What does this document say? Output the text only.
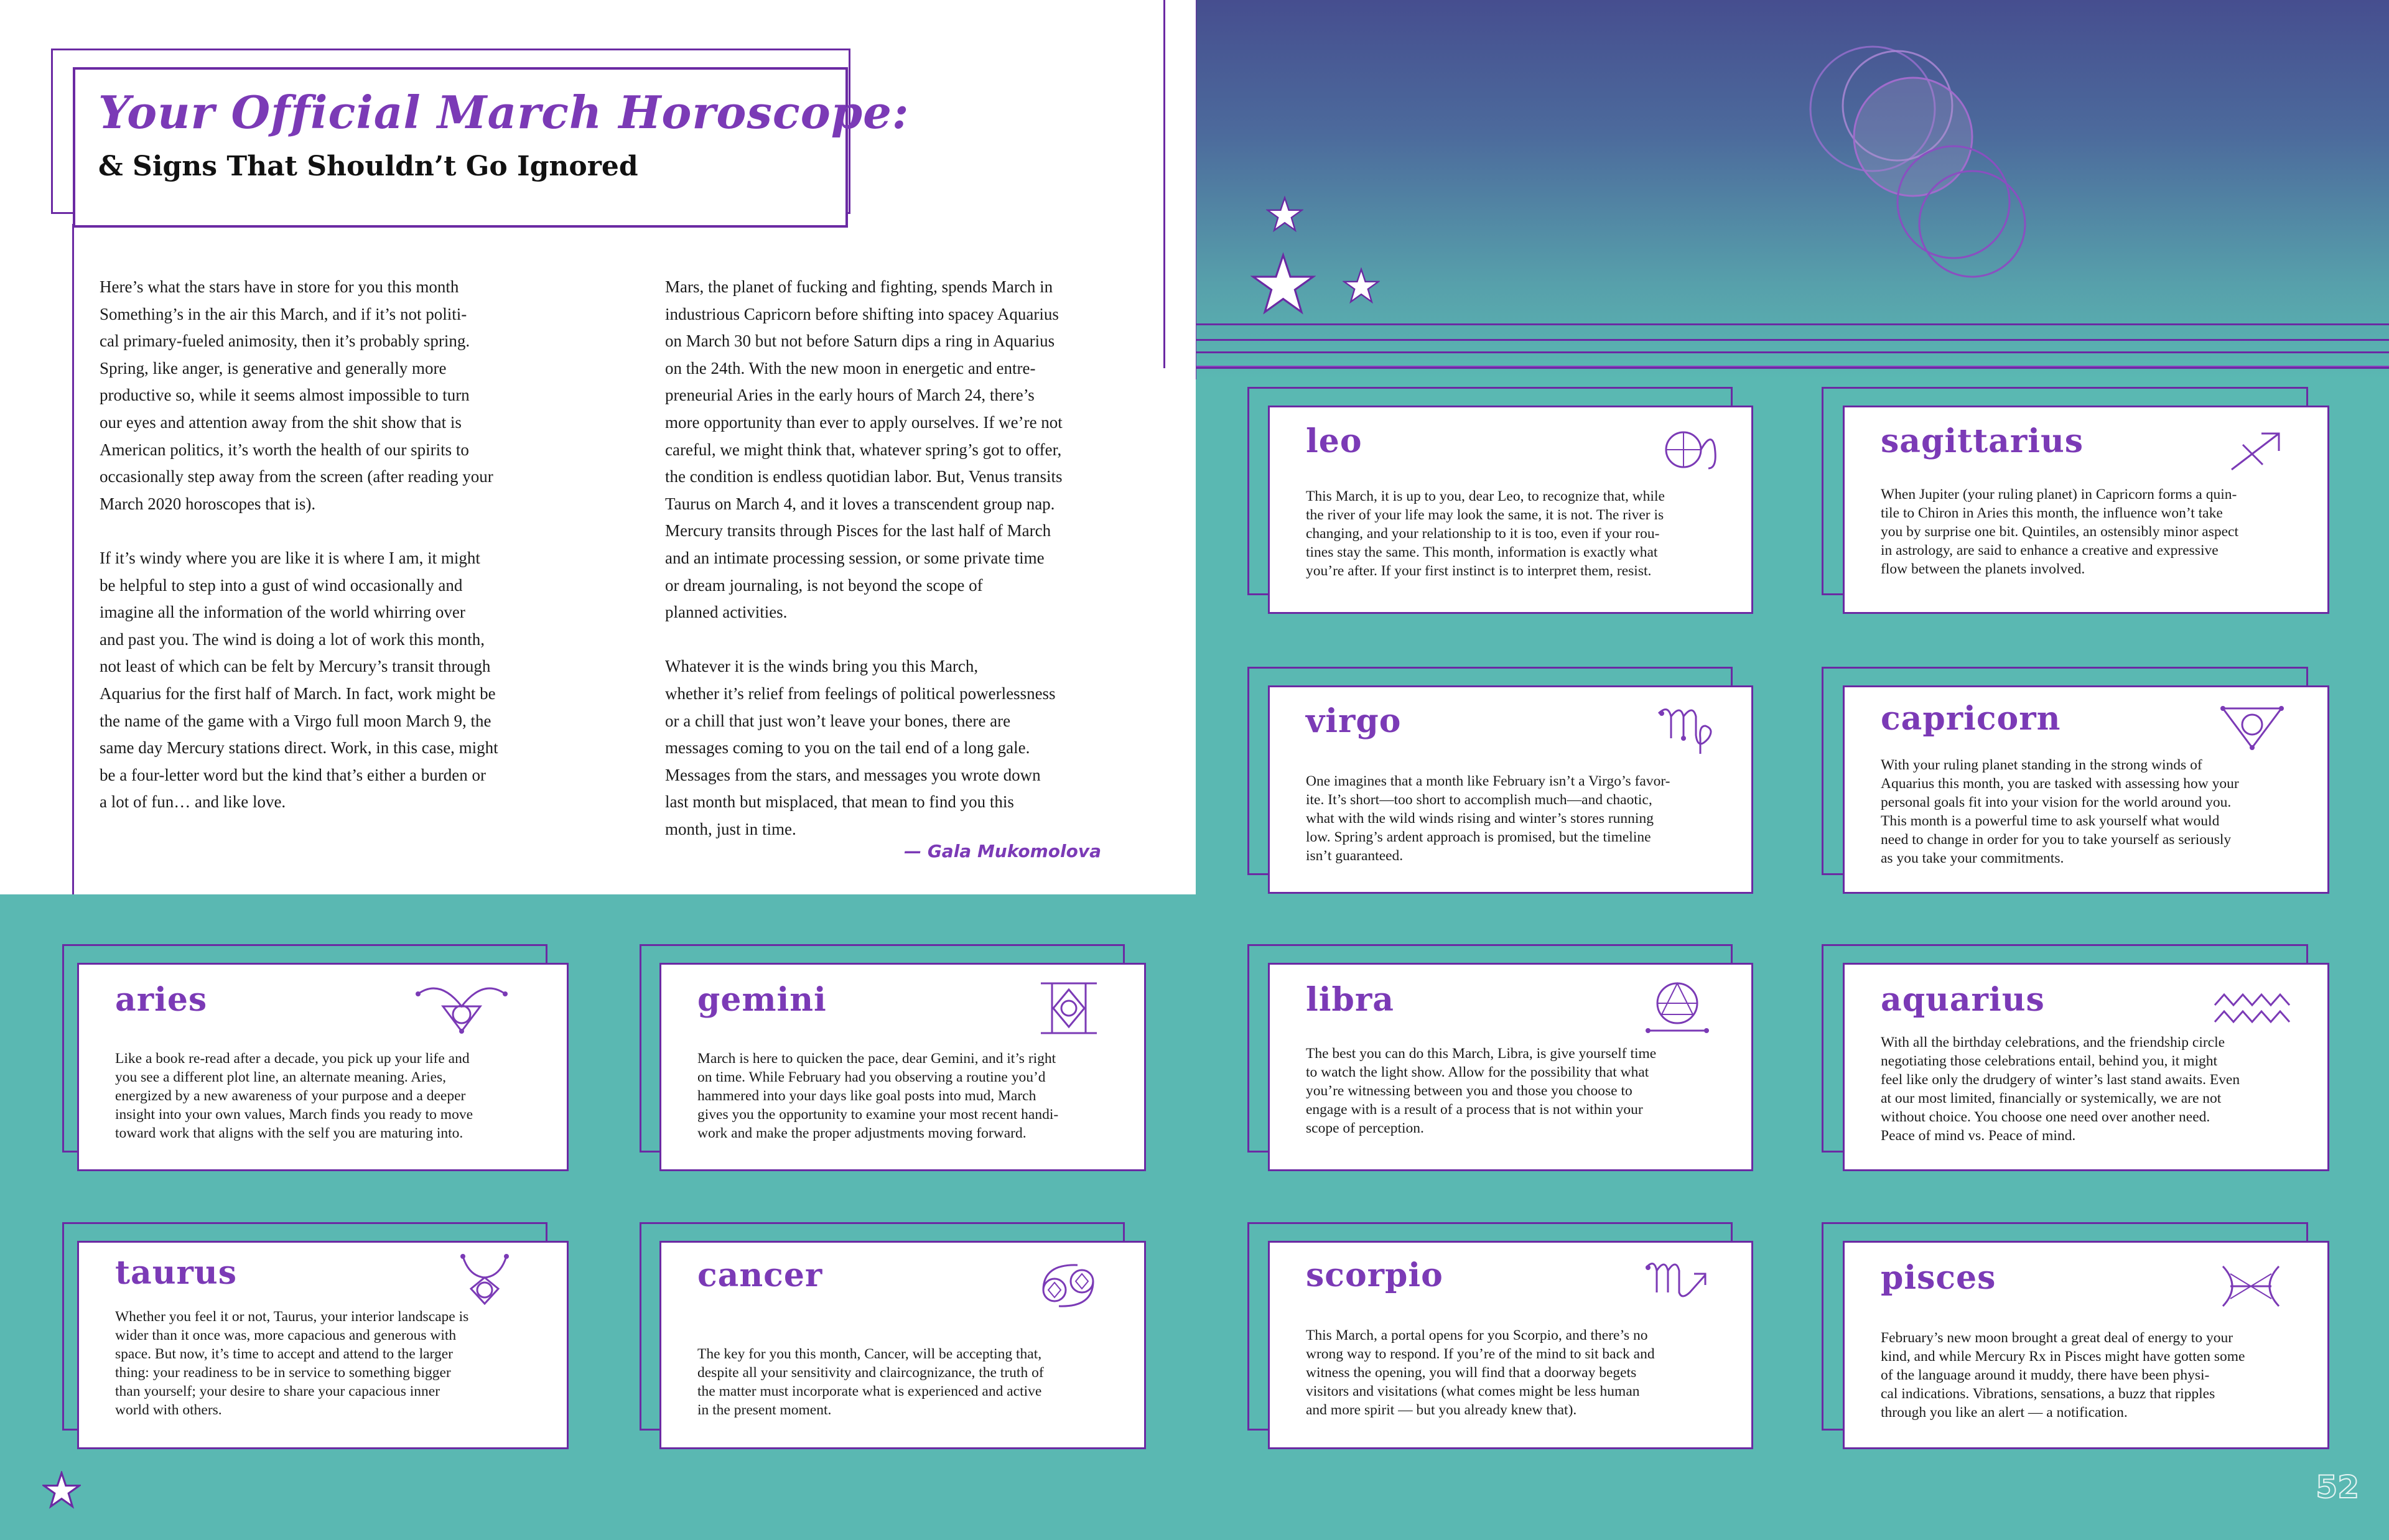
Your Official March Horoscope:
& Signs That Shouldn’t Go Ignored

Here’s what the stars have in store for you this month
Something’s in the air this March, and if it’s not politi-
cal primary-fueled animosity, then it’s probably spring.
Spring, like anger, is generative and generally more
productive so, while it seems almost impossible to turn
our eyes and attention away from the shit show that is
American politics, it’s worth the health of our spirits to
occasionally step away from the screen (after reading your
March 2020 horoscopes that is).

If it’s windy where you are like it is where I am, it might
be helpful to step into a gust of wind occasionally and
imagine all the information of the world whirring over
and past you. The wind is doing a lot of work this month,
not least of which can be felt by Mercury’s transit through
Aquarius for the first half of March. In fact, work might be
the name of the game with a Virgo full moon March 9, the
same day Mercury stations direct. Work, in this case, might
be a four-letter word but the kind that’s either a burden or
a lot of fun… and like love.

Mars, the planet of fucking and fighting, spends March in
industrious Capricorn before shifting into spacey Aquarius
on March 30 but not before Saturn dips a ring in Aquarius
on the 24th. With the new moon in energetic and entre-
preneurial Aries in the early hours of March 24, there’s
more opportunity than ever to apply ourselves. If we’re not
careful, we might think that, whatever spring’s got to offer,
the condition is endless quotidian labor. But, Venus transits
Taurus on March 4, and it loves a transcendent group nap.
Mercury transits through Pisces for the last half of March
and an intimate processing session, or some private time
or dream journaling, is not beyond the scope of
planned activities.

Whatever it is the winds bring you this March,
whether it’s relief from feelings of political powerlessness
or a chill that just won’t leave your bones, there are
messages coming to you on the tail end of a long gale.
Messages from the stars, and messages you wrote down
last month but misplaced, that mean to find you this
month, just in time.

— Gala Mukomolova
leo
This March, it is up to you, dear Leo, to recognize that, while
the river of your life may look the same, it is not. The river is
changing, and your relationship to it is too, even if your rou-
tines stay the same. This month, information is exactly what
you’re after. If your first instinct is to interpret them, resist.
sagittarius
When Jupiter (your ruling planet) in Capricorn forms a quin-
tile to Chiron in Aries this month, the influence won’t take
you by surprise one bit. Quintiles, an ostensibly minor aspect
in astrology, are said to enhance a creative and expressive
flow between the planets involved.
virgo
One imagines that a month like February isn’t a Virgo’s favor-
ite. It’s short—too short to accomplish much—and chaotic,
what with the wild winds rising and winter’s stores running
low. Spring’s ardent approach is promised, but the timeline
isn’t guaranteed.
capricorn
With your ruling planet standing in the strong winds of
Aquarius this month, you are tasked with assessing how your
personal goals fit into your vision for the world around you.
This month is a powerful time to ask yourself what would
need to change in order for you to take yourself as seriously
as you take your commitments.
aries
Like a book re-read after a decade, you pick up your life and
you see a different plot line, an alternate meaning. Aries,
energized by a new awareness of your purpose and a deeper
insight into your own values, March finds you ready to move
toward work that aligns with the self you are maturing into.
gemini
March is here to quicken the pace, dear Gemini, and it’s right
on time. While February had you observing a routine you’d
hammered into your days like goal posts into mud, March
gives you the opportunity to examine your most recent handi-
work and make the proper adjustments moving forward.
libra
The best you can do this March, Libra, is give yourself time
to watch the light show. Allow for the possibility that what
you’re witnessing between you and those you choose to
engage with is a result of a process that is not within your
scope of perception.
aquarius
With all the birthday celebrations, and the friendship circle
negotiating those celebrations entail, behind you, it might
feel like only the drudgery of winter’s last stand awaits. Even
at our most limited, financially or systemically, we are not
without choice. You choose one need over another need.
Peace of mind vs. Peace of mind.
taurus
Whether you feel it or not, Taurus, your interior landscape is
wider than it once was, more capacious and generous with
space. But now, it’s time to accept and attend to the larger
thing: your readiness to be in service to something bigger
than yourself; your desire to share your capacious inner
world with others.
cancer
The key for you this month, Cancer, will be accepting that,
despite all your sensitivity and claircognizance, the truth of
the matter must incorporate what is experienced and active
in the present moment.
scorpio
This March, a portal opens for you Scorpio, and there’s no
wrong way to respond. If you’re of the mind to sit back and
witness the opening, you will find that a doorway begets
visitors and visitations (what comes might be less human
and more spirit — but you already knew that).
pisces
February’s new moon brought a great deal of energy to your
kind, and while Mercury Rx in Pisces might have gotten some
of the language around it muddy, there have been physi-
cal indications. Vibrations, sensations, a buzz that ripples
through you like an alert — a notification.
52
